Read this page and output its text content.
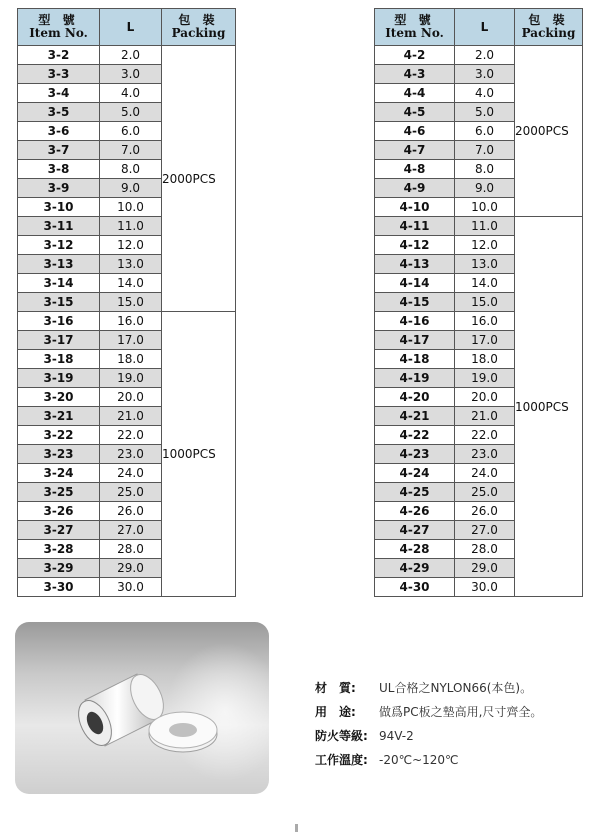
型 號
Item No.	L	包 裝
Packing

3-2	2.0	2000PCS
3-3	3.0	
3-4	4.0	
3-5	5.0	
3-6	6.0	
3-7	7.0	
3-8	8.0	
3-9	9.0	
3-10	10.0	
3-11	11.0	
3-12	12.0	
3-13	13.0	
3-14	14.0	
3-15	15.0	
3-16	16.0	1000PCS
3-17	17.0	
3-18	18.0	
3-19	19.0	
3-20	20.0	
3-21	21.0	
3-22	22.0	
3-23	23.0	
3-24	24.0	
3-25	25.0	
3-26	26.0	
3-27	27.0	
3-28	28.0	
3-29	29.0	
3-30	30.0	
型 號
Item No.	L	包 裝
Packing

4-2	2.0	2000PCS
4-3	3.0	
4-4	4.0	
4-5	5.0	
4-6	6.0	
4-7	7.0	
4-8	8.0	
4-9	9.0	
4-10	10.0	
4-11	11.0	1000PCS
4-12	12.0	
4-13	13.0	
4-14	14.0	
4-15	15.0	
4-16	16.0	
4-17	17.0	
4-18	18.0	
4-19	19.0	
4-20	20.0	
4-21	21.0	
4-22	22.0	
4-23	23.0	
4-24	24.0	
4-25	25.0	
4-26	26.0	
4-27	27.0	
4-28	28.0	
4-29	29.0	
4-30	30.0	
材　質: UL合格之NYLON66(本色)。
用　途: 做爲PC板之墊高用,尺寸齊全。
防火等級: 94V-2
工作溫度: -20℃~120℃
